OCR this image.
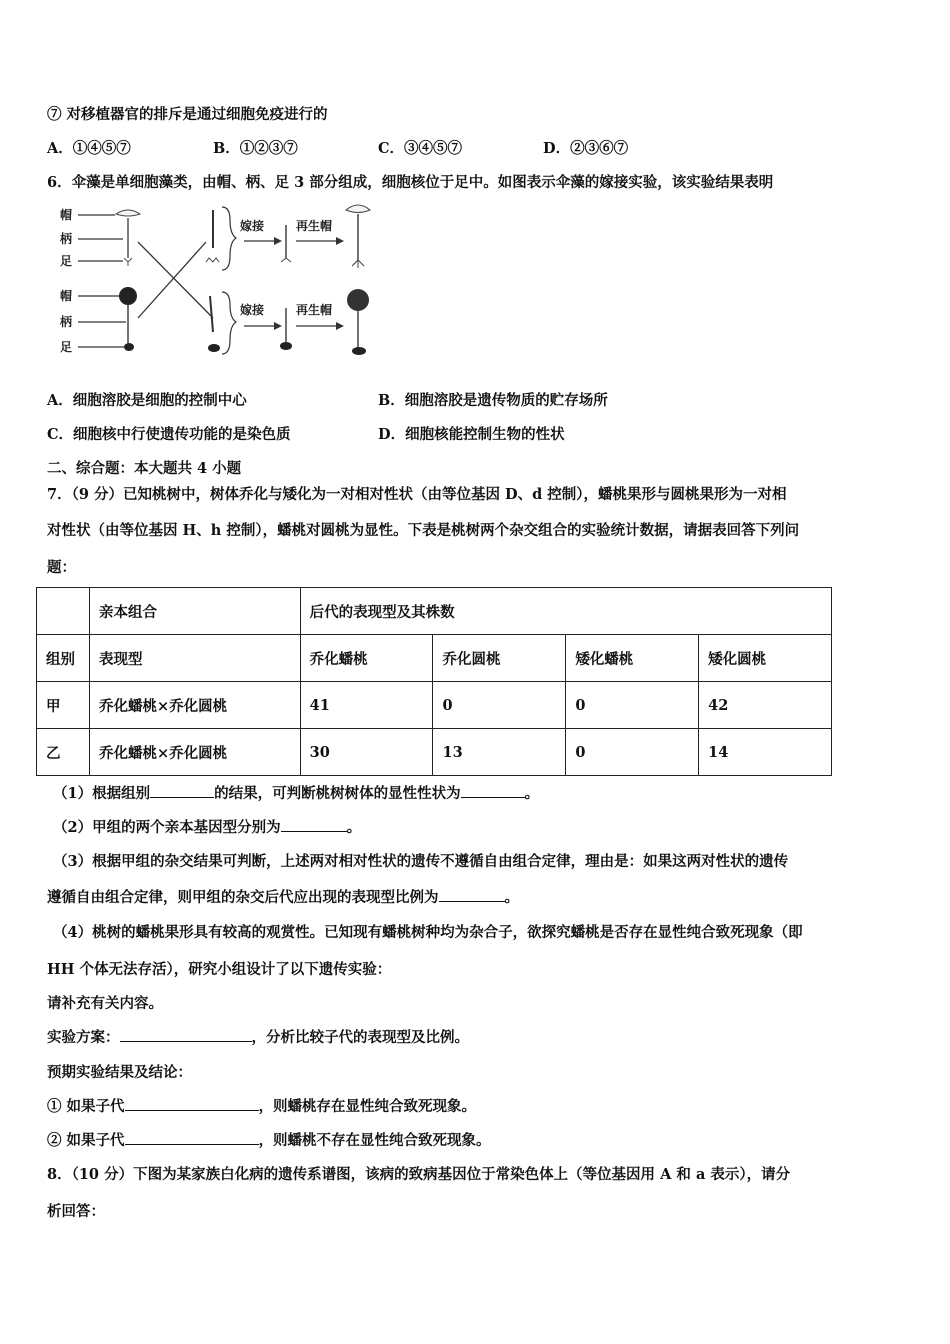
⑦ 对移植器官的排斥是通过细胞免疫进行的
A．①④⑤⑦	B．①②③⑦	C．③④⑤⑦	D．②③⑥⑦
6．伞藻是单细胞藻类，由帽、柄、足 3 部分组成，细胞核位于足中。如图表示伞藻的嫁接实验，该实验结果表明
帽
柄
足
帽
柄
足
嫁接	再生帽
嫁接	再生帽
A．细胞溶胶是细胞的控制中心	B．细胞溶胶是遗传物质的贮存场所
C．细胞核中行使遗传功能的是染色质	D．细胞核能控制生物的性状
二、综合题：本大题共 4 小题
7．（9 分）已知桃树中，树体乔化与矮化为一对相对性状（由等位基因 D、d 控制），蟠桃果形与圆桃果形为一对相
对性状（由等位基因 H、h 控制），蟠桃对圆桃为显性。下表是桃树两个杂交组合的实验统计数据，请据表回答下列问
题：
	亲本组合	后代的表现型及其株数			
组别	表现型	乔化蟠桃	乔化圆桃	矮化蟠桃	矮化圆桃
甲	乔化蟠桃×乔化圆桃	41	0	0	42
乙	乔化蟠桃×乔化圆桃	30	13	0	14
（1）根据组别	的结果，可判断桃树树体的显性性状为	。
（2）甲组的两个亲本基因型分别为	。
（3）根据甲组的杂交结果可判断，上述两对相对性状的遗传不遵循自由组合定律，理由是：如果这两对性状的遗传
遵循自由组合定律，则甲组的杂交后代应出现的表现型比例为	。
（4）桃树的蟠桃果形具有较高的观赏性。已知现有蟠桃树种均为杂合子，欲探究蟠桃是否存在显性纯合致死现象（即
HH 个体无法存活），研究小组设计了以下遗传实验：
请补充有关内容。
实验方案：	，分析比较子代的表现型及比例。
预期实验结果及结论：
① 如果子代	，则蟠桃存在显性纯合致死现象。
② 如果子代	，则蟠桃不存在显性纯合致死现象。
8．（10 分）下图为某家族白化病的遗传系谱图，该病的致病基因位于常染色体上（等位基因用 A 和 a 表示），请分
析回答：
